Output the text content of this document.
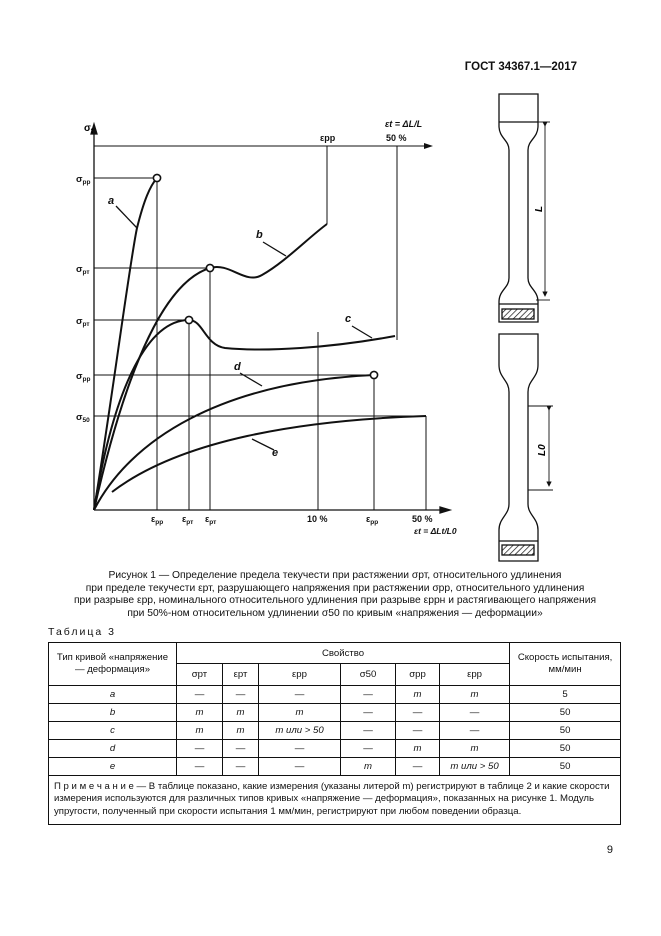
ГОСТ 34367.1—2017
a
b
c
d
e
$\sigma_t$
$\sigma_{рр}$
$\sigma_{рт}$
$\sigma_{рт}$
$\sigma_{рр}$
$\sigma_{50}$
$\varepsilon_{pp}$ $\varepsilon_{рт}$ $\varepsilon_{рт}$	10 %	$\varepsilon_{pp}$	50 %
εt = ΔLt/L0
εt = ΔL/L
50 %
εpp
L
L0
Рисунок 1 — Определение предела текучести при растяжении σрт, относительного удлинения
при пределе текучести εрт, разрушающего напряжения при растяжении σрр, относительного удлинения
при разрыве εрр, номинального относительного удлинения при разрыве εррн и растягивающего напряжения
при 50%-ном относительном удлинении σ50 по кривым «напряжения — деформации»
Таблица 3
Тип кривой «напряжение — деформация»	Свойство						Скорость испытания, мм/мин
	σрт	εрт	εрр	σ50	σрр	εрр	
a	—	—	—	—	m	m	5
b	m	m	m	—	—	—	50
c	m	m	m или > 50	—	—	—	50
d	—	—	—	—	m	m	50
e	—	—	—	m	—	m или > 50	50
П р и м е ч а н и е — В таблице показано, какие измерения (указаны литерой m) регистрируют в таблице 2 и какие скорости измерения используются для различных типов кривых «напряжение — деформация», показанных на рисунке 1. Модуль упругости, полученный при скорости испытания 1 мм/мин, регистрируют при любом поведении образца.							
9
